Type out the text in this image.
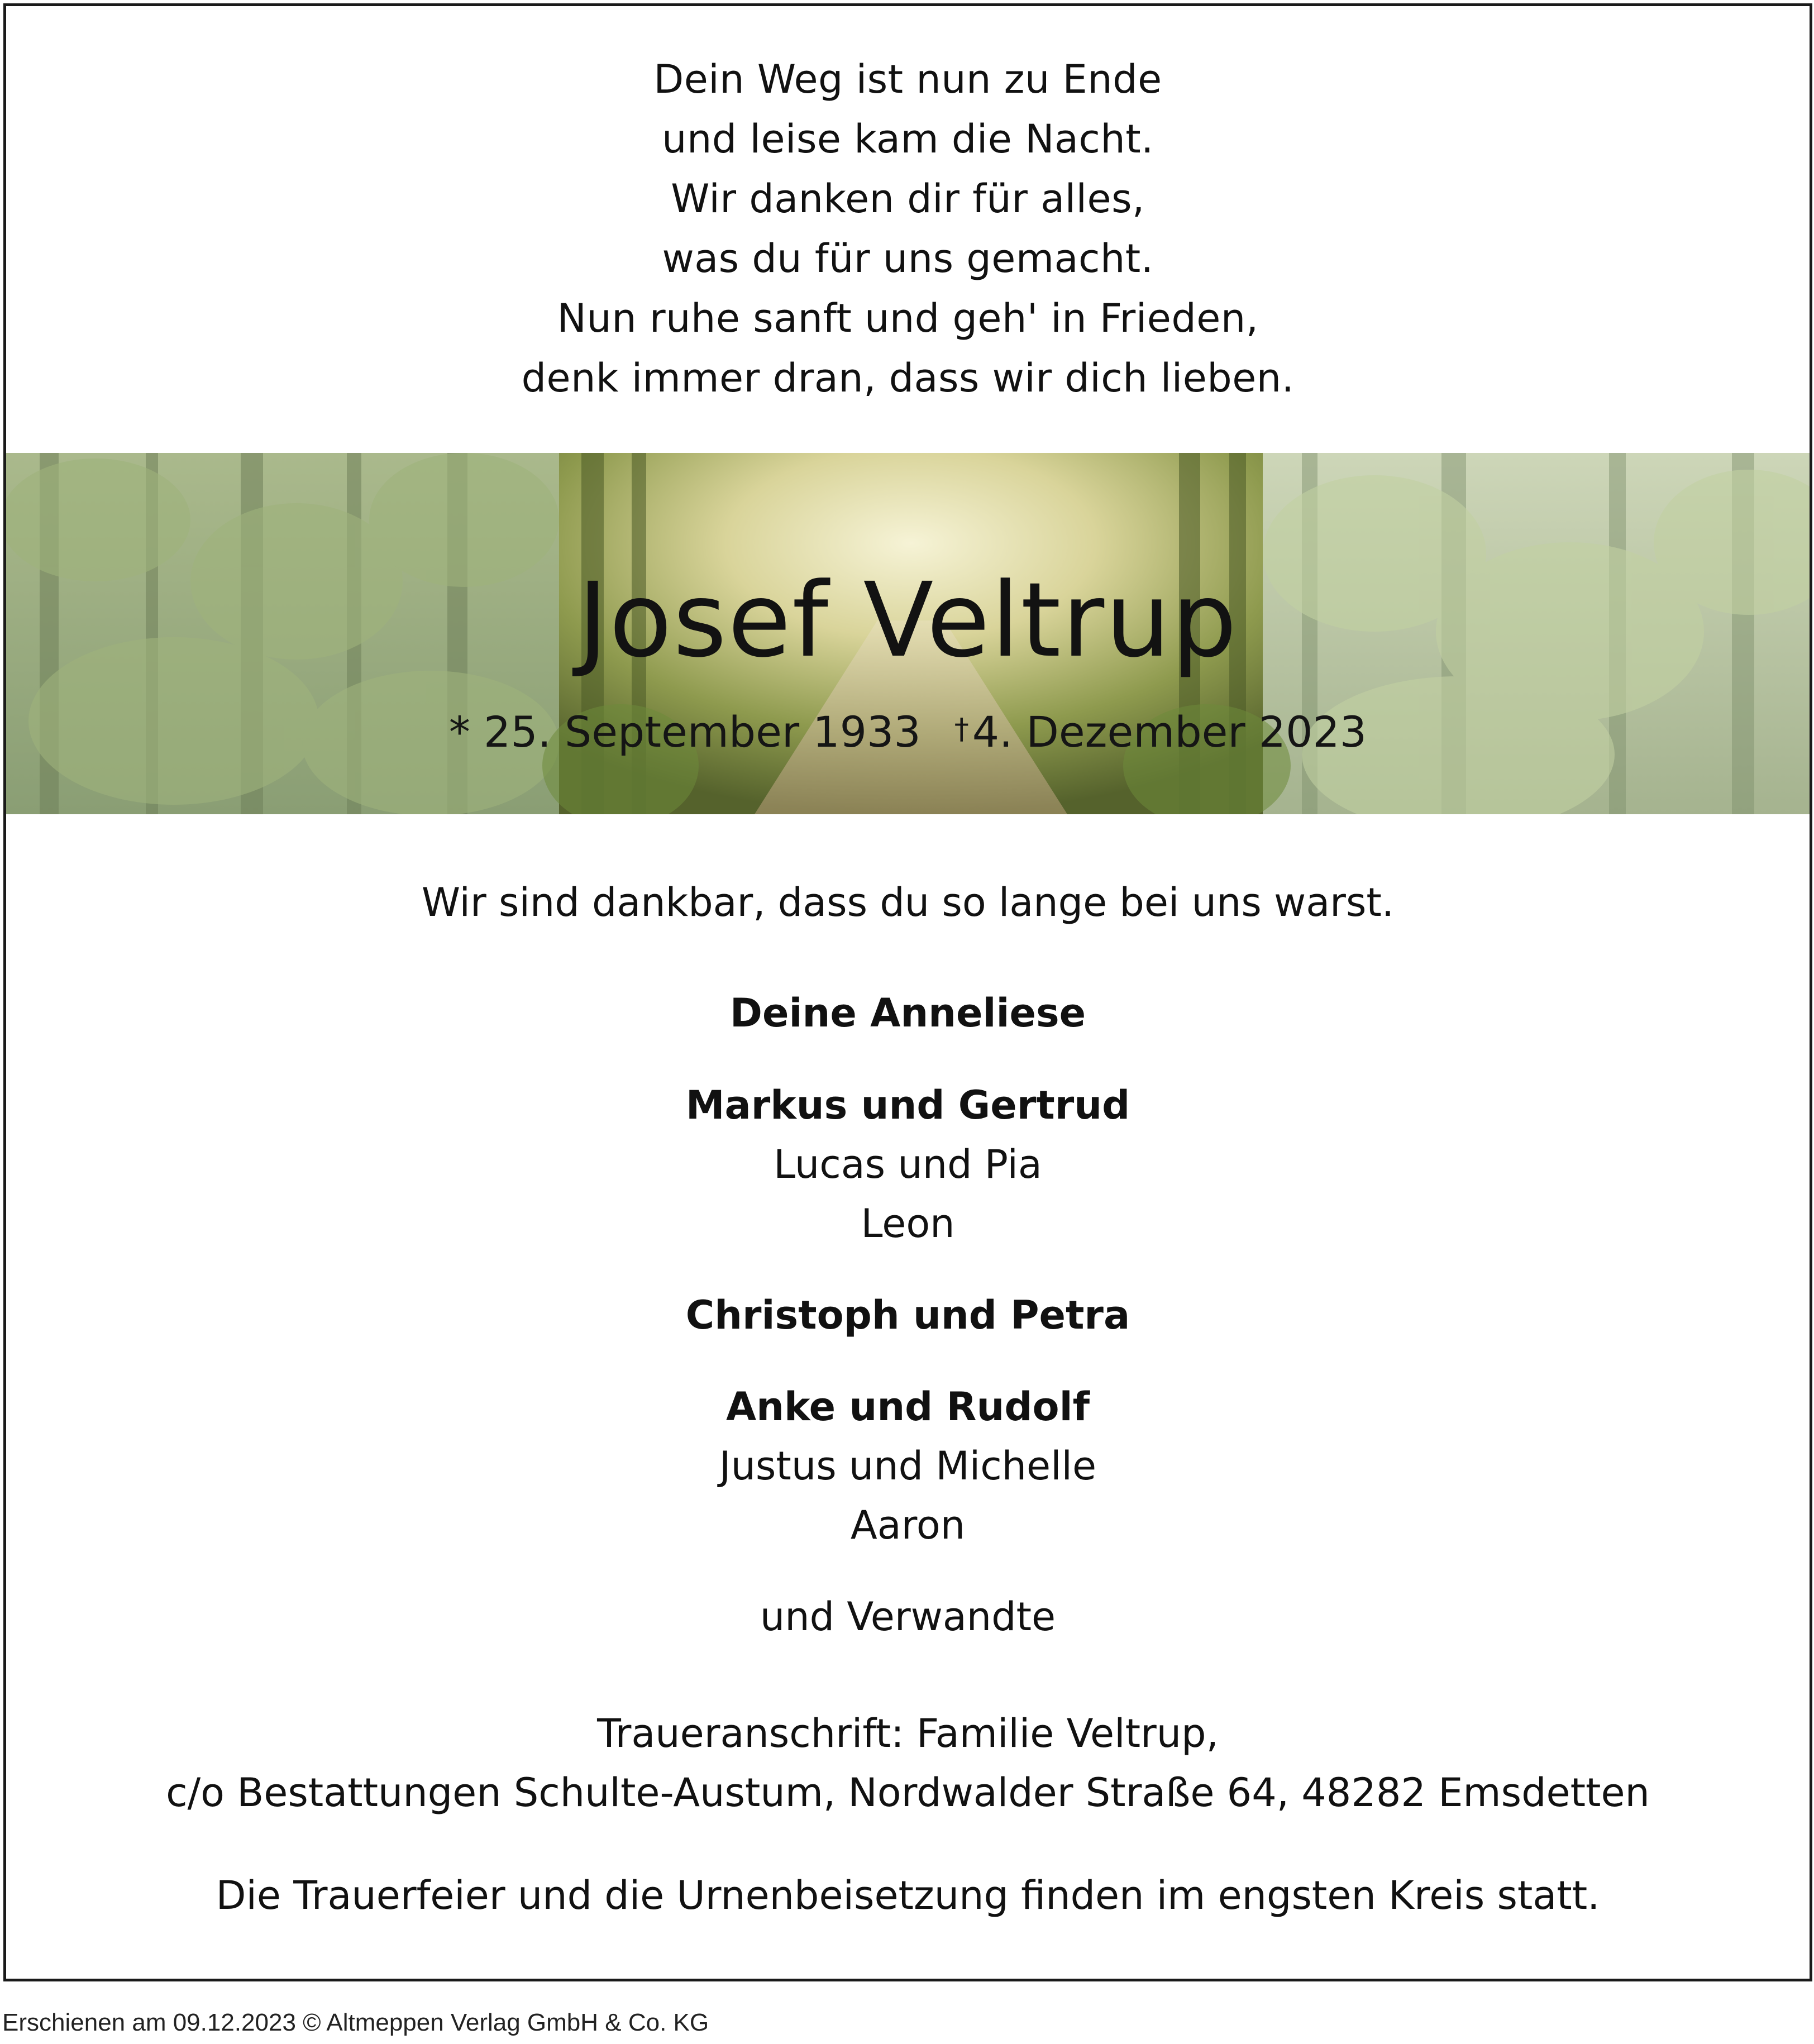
Dein Weg ist nun zu Ende
und leise kam die Nacht.
Wir danken dir für alles,
was du für uns gemacht.
Nun ruhe sanft und geh' in Frieden,
denk immer dran, dass wir dich lieben.
Josef Veltrup
* 25. September 1933 †4. Dezember 2023
Wir sind dankbar, dass du so lange bei uns warst.
Deine Anneliese
Markus und Gertrud
Lucas und Pia
Leon
Christoph und Petra
Anke und Rudolf
Justus und Michelle
Aaron
und Verwandte
Traueranschrift: Familie Veltrup,
c/o Bestattungen Schulte-Austum, Nordwalder Straße 64, 48282 Emsdetten
Die Trauerfeier und die Urnenbeisetzung finden im engsten Kreis statt.
Erschienen am 09.12.2023 © Altmeppen Verlag GmbH & Co. KG
